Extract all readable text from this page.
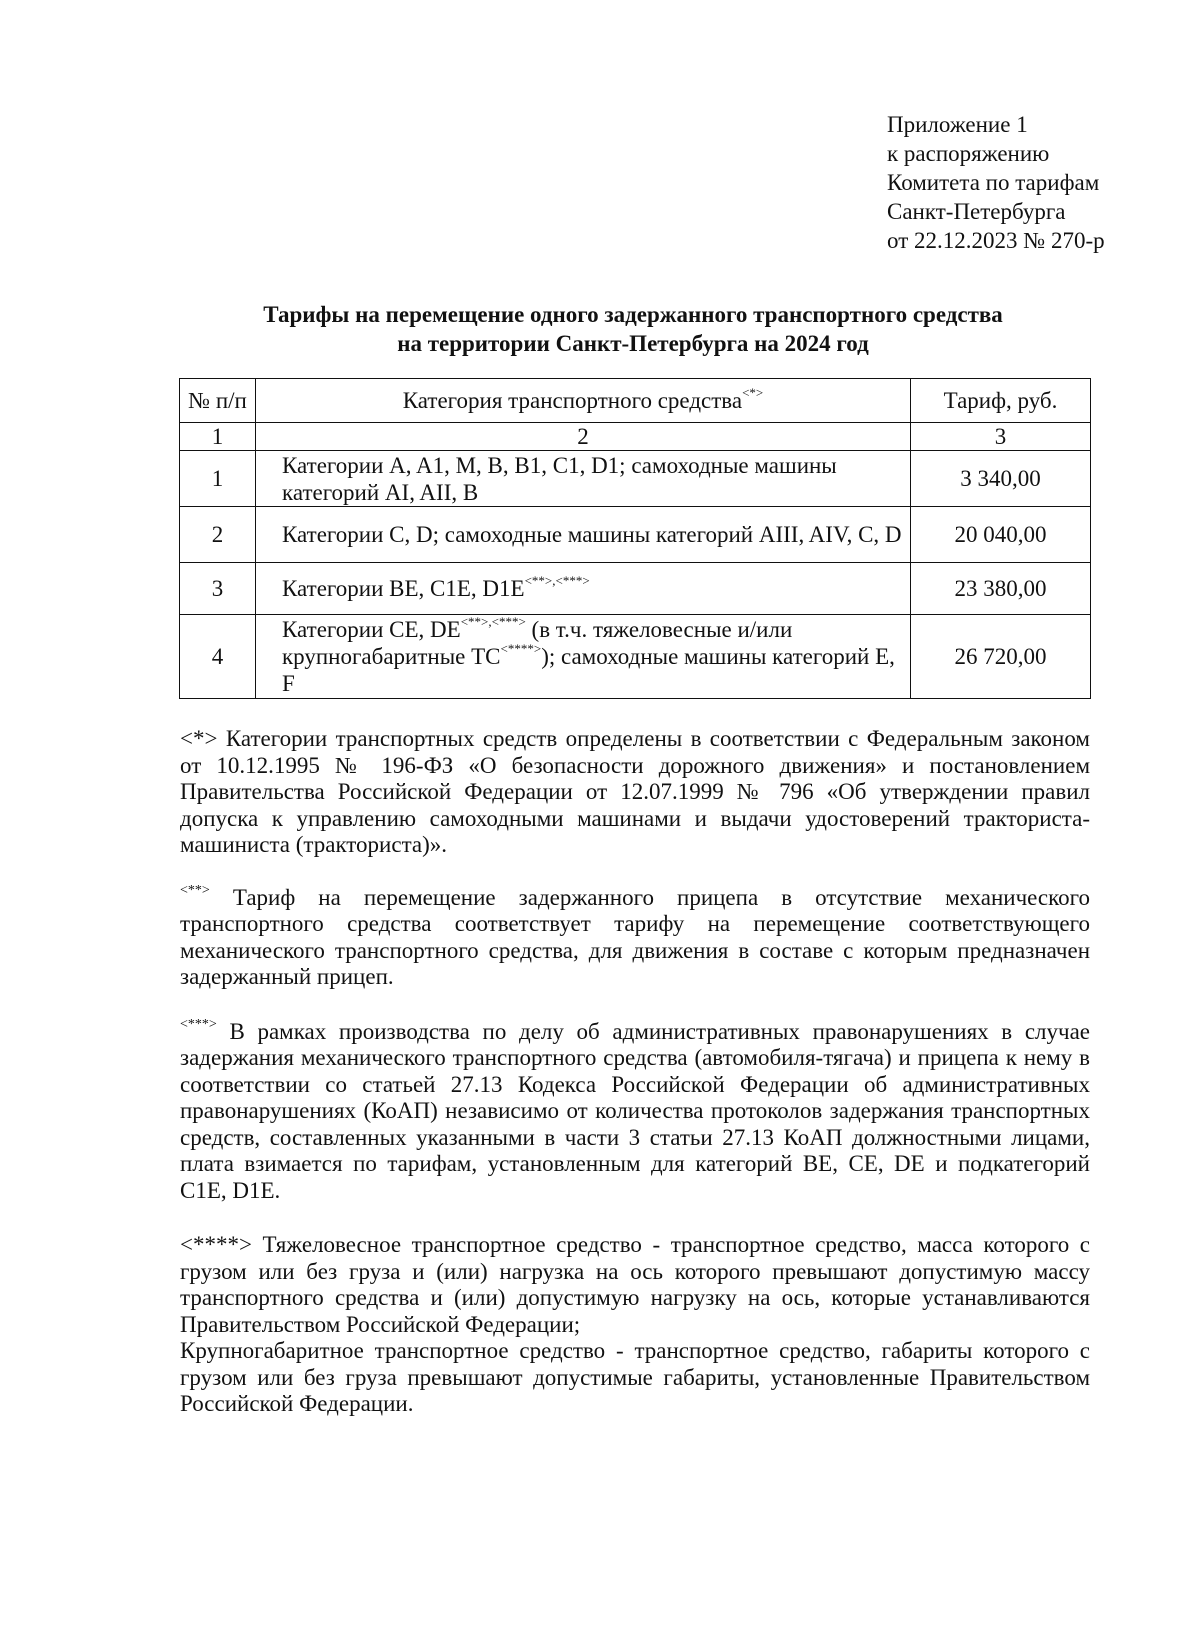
Приложение 1
к распоряжению
Комитета по тарифам
Санкт-Петербурга
от 22.12.2023 № 270-р
Тарифы на перемещение одного задержанного транспортного средства
на территории Санкт-Петербурга на 2024 год
№ п/п	Категория транспортного средства<*>	Тариф, руб.
1	2	3
1	Категории A, A1, M, B, B1, C1, D1; самоходные машины категорий AI, AII, B	3 340,00
2	Категории C, D; самоходные машины категорий AIII, AIV, C, D	20 040,00
3	Категории BE, C1E, D1E<**>,<***>	23 380,00
4	Категории CE, DE<**>,<***> (в т.ч. тяжеловесные и/или крупногабаритные ТС<****>); самоходные машины категорий E, F	26 720,00

<*> Категории транспортных средств определены в соответствии с Федеральным законом от 10.12.1995 № 196-ФЗ «О безопасности дорожного движения» и постановлением Правительства Российской Федерации от 12.07.1999 № 796 «Об утверждении правил допуска к управлению самоходными машинами и выдачи удостоверений тракториста-машиниста (тракториста)».

<**> Тариф на перемещение задержанного прицепа в отсутствие механического транспортного средства соответствует тарифу на перемещение соответствующего механического транспортного средства, для движения в составе с которым предназначен задержанный прицеп.

<***> В рамках производства по делу об административных правонарушениях в случае задержания механического транспортного средства (автомобиля-тягача) и прицепа к нему в соответствии со статьей 27.13 Кодекса Российской Федерации об административных правонарушениях (КоАП) независимо от количества протоколов задержания транспортных средств, составленных указанными в части 3 статьи 27.13 КоАП должностными лицами, плата взимается по тарифам, установленным для категорий BE, CE, DE и подкатегорий C1E, D1E.

<****> Тяжеловесное транспортное средство - транспортное средство, масса которого с грузом или без груза и (или) нагрузка на ось которого превышают допустимую массу транспортного средства и (или) допустимую нагрузку на ось, которые устанавливаются Правительством Российской Федерации;

Крупногабаритное транспортное средство - транспортное средство, габариты которого с грузом или без груза превышают допустимые габариты, установленные Правительством Российской Федерации.
